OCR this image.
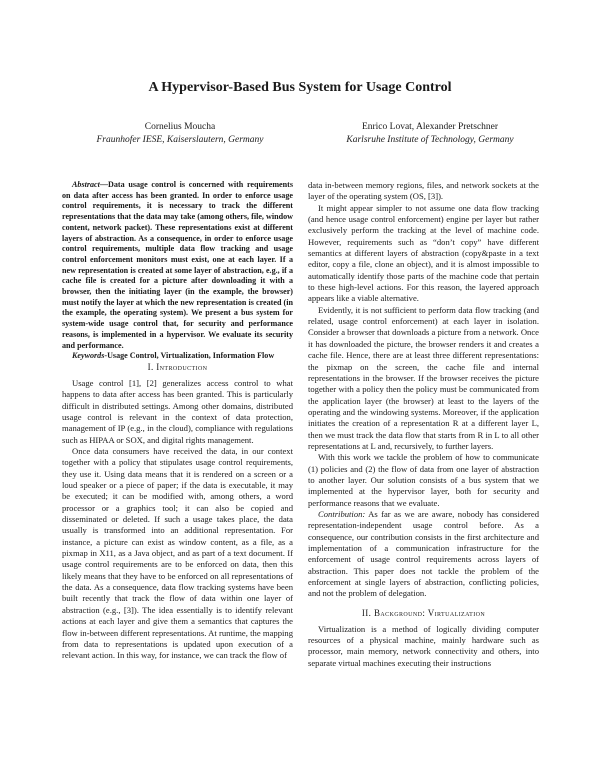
A Hypervisor-Based Bus System for Usage Control
Cornelius Moucha
Fraunhofer IESE, Kaiserslautern, Germany
Enrico Lovat, Alexander Pretschner
Karlsruhe Institute of Technology, Germany

Abstract—Data usage control is concerned with requirements on data after access has been granted. In order to enforce usage control requirements, it is necessary to track the different representations that the data may take (among others, file, window content, network packet). These representations exist at different layers of abstraction. As a consequence, in order to enforce usage control requirements, multiple data flow tracking and usage control enforcement monitors must exist, one at each layer. If a new representation is created at some layer of abstraction, e.g., if a cache file is created for a picture after downloading it with a browser, then the initiating layer (in the example, the browser) must notify the layer at which the new representation is created (in the example, the operating system). We present a bus system for system-wide usage control that, for security and performance reasons, is implemented in a hypervisor. We evaluate its security and performance.

Keywords-Usage Control, Virtualization, Information Flow

I. Introduction

Usage control [1], [2] generalizes access control to what happens to data after access has been granted. This is particularly difficult in distributed settings. Among other domains, distributed usage control is relevant in the context of data protection, management of IP (e.g., in the cloud), compliance with regulations such as HIPAA or SOX, and digital rights management.

Once data consumers have received the data, in our context together with a policy that stipulates usage control requirements, they use it. Using data means that it is rendered on a screen or a loud speaker or a piece of paper; if the data is executable, it may be executed; it can be modified with, among others, a word processor or a graphics tool; it can also be copied and disseminated or deleted. If such a usage takes place, the data usually is transformed into an additional representation. For instance, a picture can exist as window content, as a file, as a pixmap in X11, as a Java object, and as part of a text document. If usage control requirements are to be enforced on data, then this likely means that they have to be enforced on all representations of the data. As a consequence, data flow tracking systems have been built recently that track the flow of data within one layer of abstraction (e.g., [3]). The idea essentially is to identify relevant actions at each layer and give them a semantics that captures the flow in-between different representations. At runtime, the mapping from data to representations is updated upon execution of a relevant action. In this way, for instance, we can track the flow of

data in-between memory regions, files, and network sockets at the layer of the operating system (OS, [3]).

It might appear simpler to not assume one data flow tracking (and hence usage control enforcement) engine per layer but rather exclusively perform the tracking at the level of machine code. However, requirements such as “don’t copy” have different semantics at different layers of abstraction (copy&paste in a text editor, copy a file, clone an object), and it is almost impossible to automatically identify those parts of the machine code that pertain to these high-level actions. For this reason, the layered approach appears like a viable alternative.

Evidently, it is not sufficient to perform data flow tracking (and related, usage control enforcement) at each layer in isolation. Consider a browser that downloads a picture from a network. Once it has downloaded the picture, the browser renders it and creates a cache file. Hence, there are at least three different representations: the pixmap on the screen, the cache file and internal representations in the browser. If the browser receives the picture together with a policy then the policy must be communicated from the application layer (the browser) at least to the layers of the operating and the windowing systems. Moreover, if the application initiates the creation of a representation R at a different layer L, then we must track the data flow that starts from R in L to all other representations at L and, recursively, to further layers.

With this work we tackle the problem of how to communicate (1) policies and (2) the flow of data from one layer of abstraction to another layer. Our solution consists of a bus system that we implemented at the hypervisor layer, both for security and performance reasons that we evaluate.

Contribution: As far as we are aware, nobody has considered representation-independent usage control before. As a consequence, our contribution consists in the first architecture and implementation of a communication infrastructure for the enforcement of usage control requirements across layers of abstraction. This paper does not tackle the problem of the enforcement at single layers of abstraction, conflicting policies, and not the problem of delegation.

II. Background: Virtualization

Virtualization is a method of logically dividing computer resources of a physical machine, mainly hardware such as processor, main memory, network connectivity and others, into separate virtual machines executing their instructions
